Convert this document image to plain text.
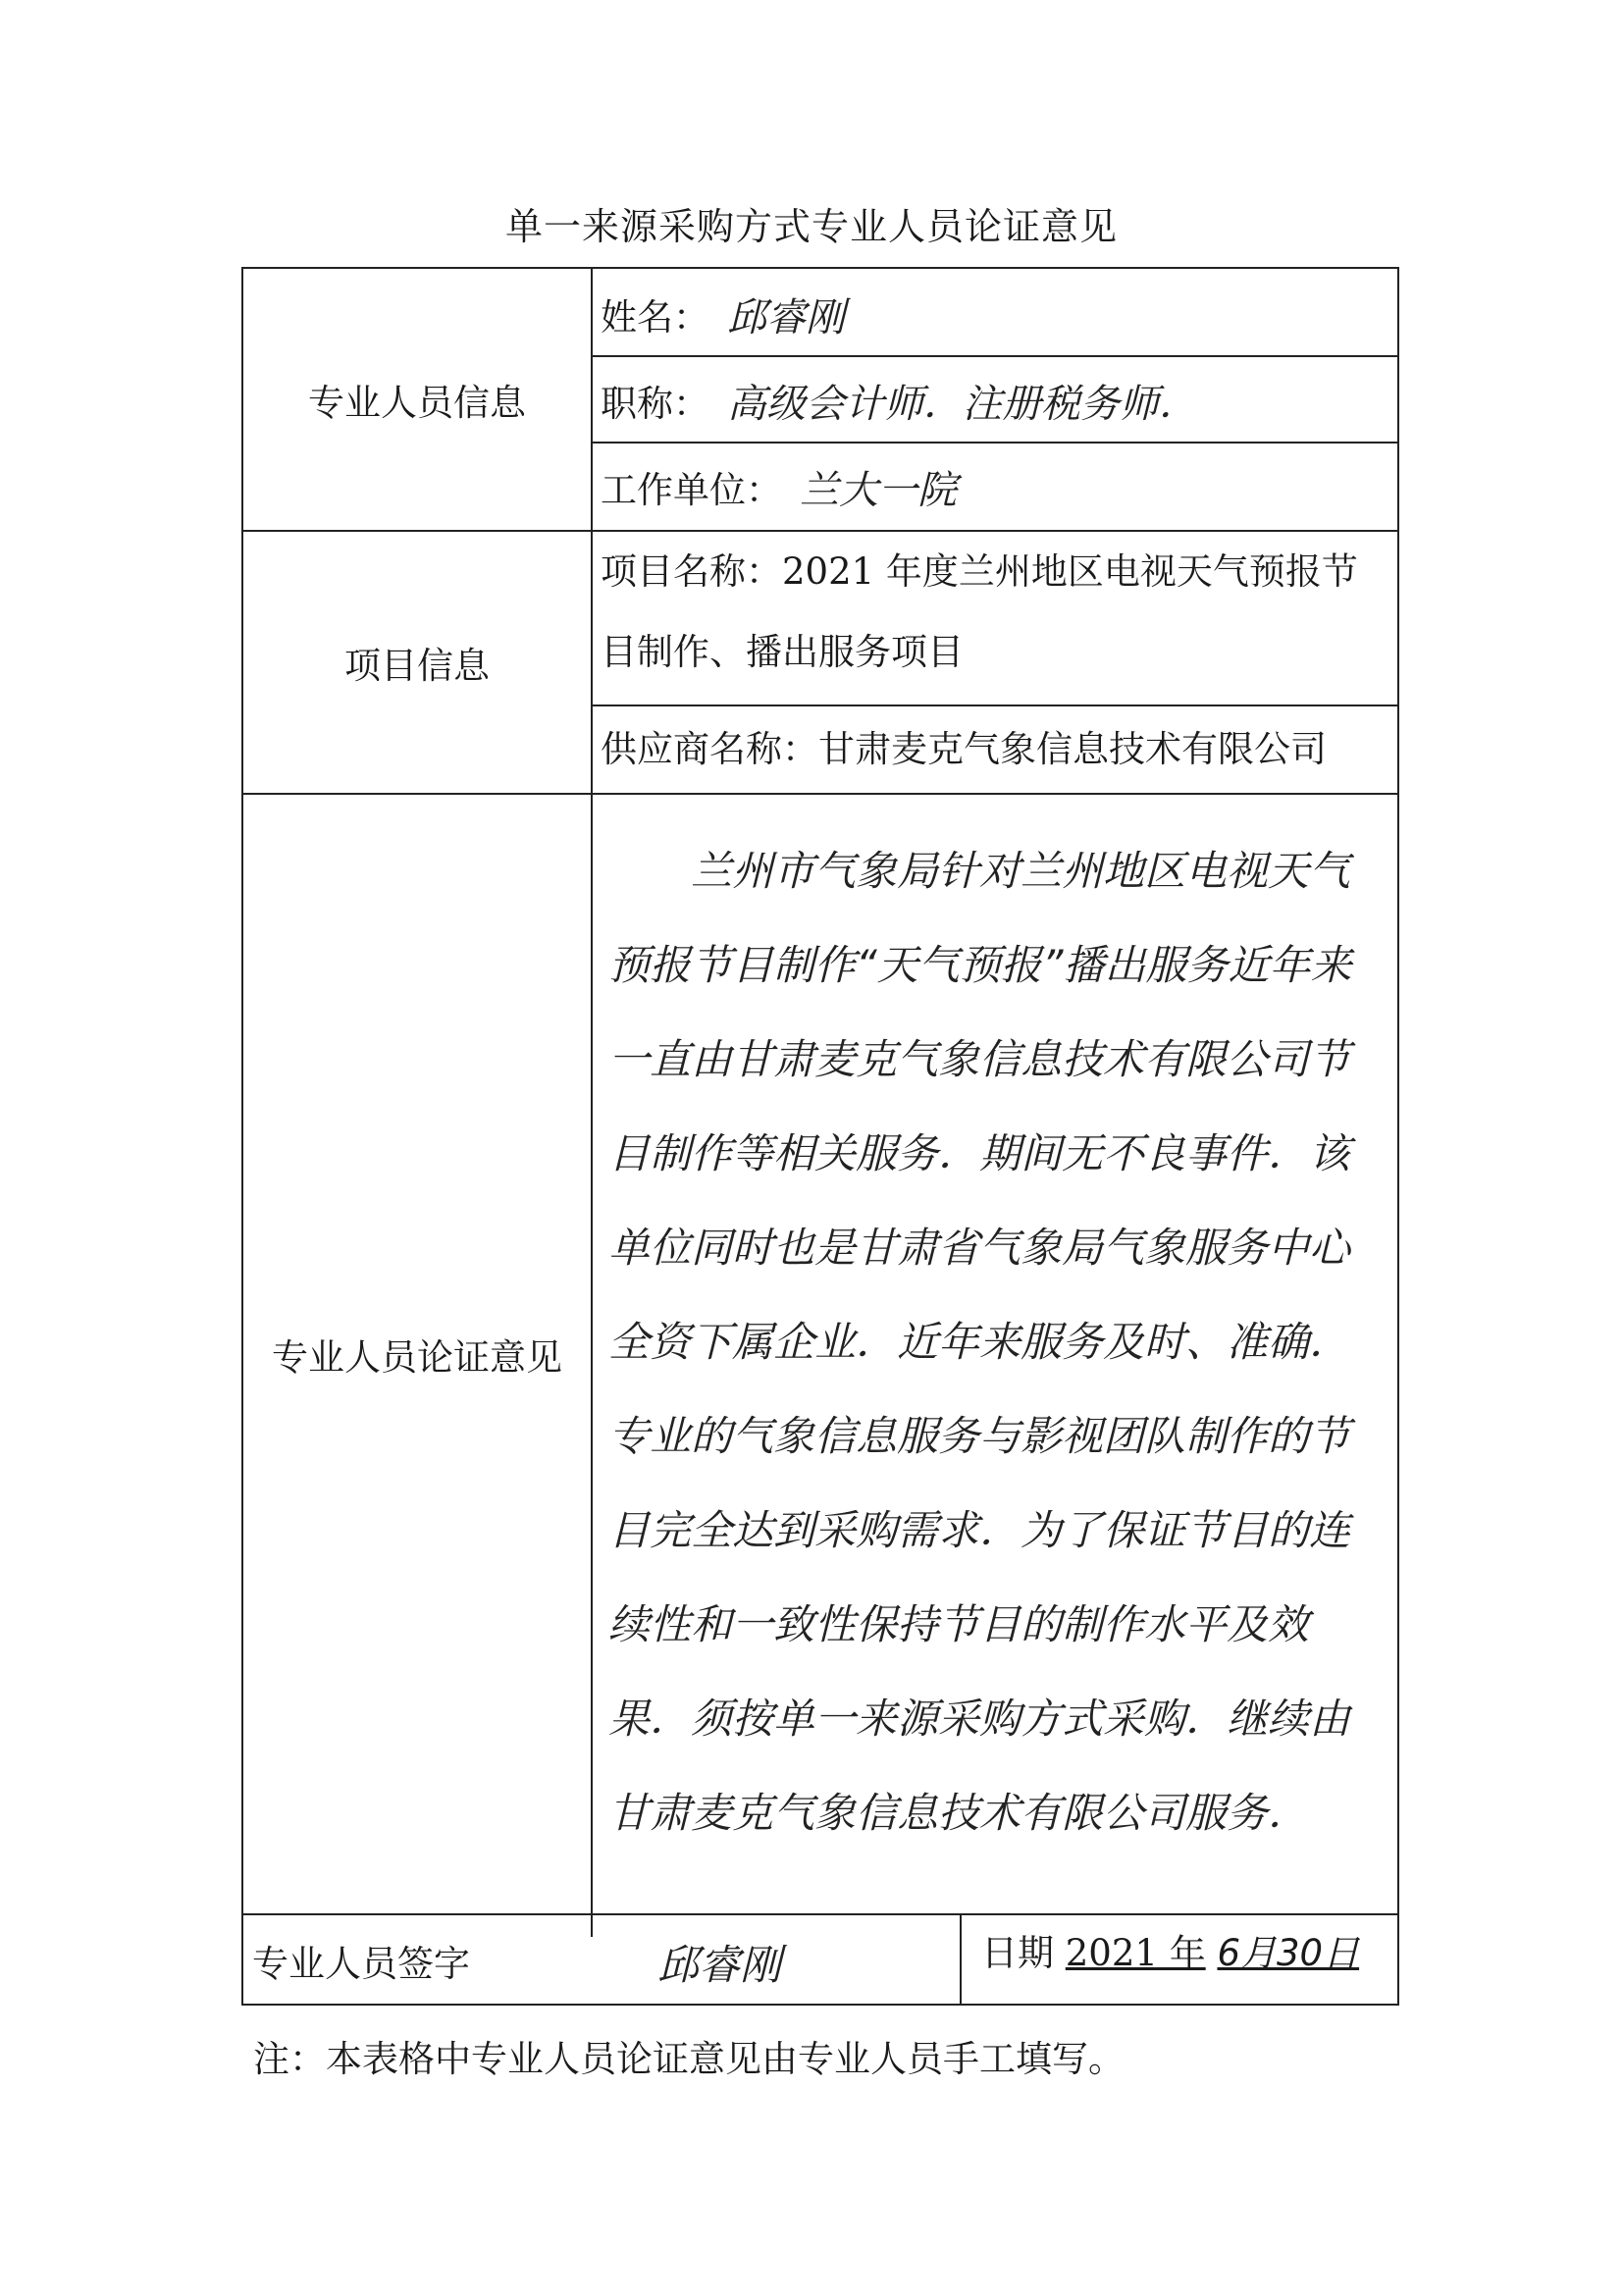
单一来源采购方式专业人员论证意见
专业人员信息
项目信息
专业人员论证意见
专业人员签字
姓名： 邱睿刚
职称： 高级会计师．注册税务师．
工作单位： 兰大一院
项目名称：2021 年度兰州地区电视天气预报节目制作、播出服务项目
供应商名称：甘肃麦克气象信息技术有限公司
兰州市气象局针对兰州地区电视天气预报节目制作“天气预报”播出服务近年来一直由甘肃麦克气象信息技术有限公司节目制作等相关服务．期间无不良事件．该单位同时也是甘肃省气象局气象服务中心全资下属企业．近年来服务及时、准确．专业的气象信息服务与影视团队制作的节目完全达到采购需求．为了保证节目的连续性和一致性保持节目的制作水平及效果．须按单一来源采购方式采购．继续由甘肃麦克气象信息技术有限公司服务．
邱睿刚	日期 2021 年 6月30日
注：本表格中专业人员论证意见由专业人员手工填写。
